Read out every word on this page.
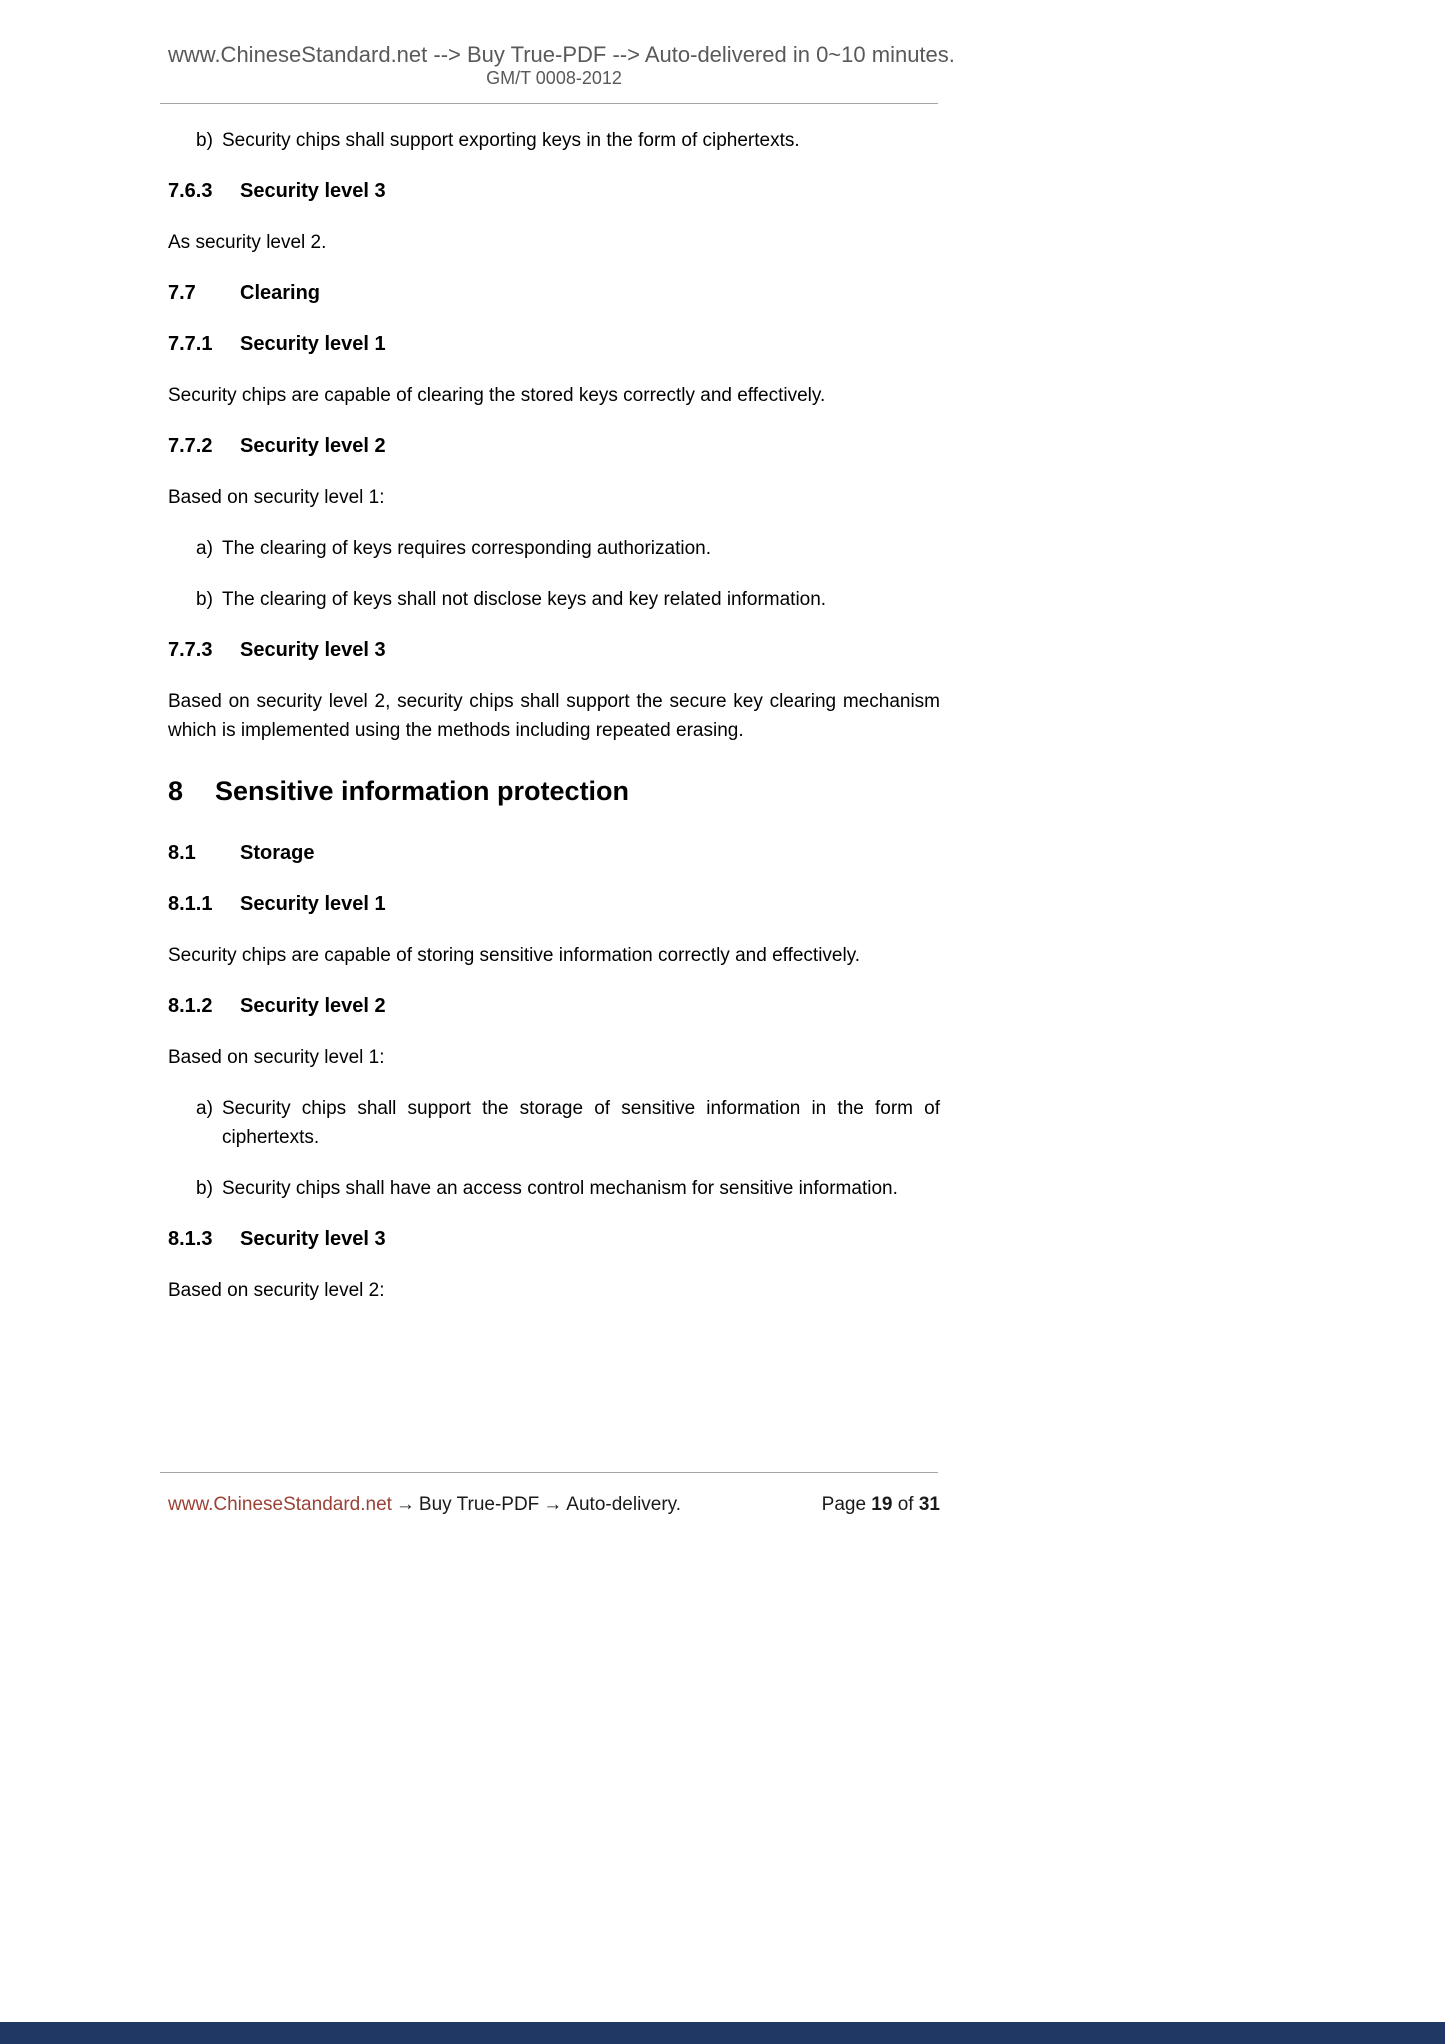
www.ChineseStandard.net --> Buy True-PDF --> Auto-delivered in 0~10 minutes.
GM/T 0008-2012
b) Security chips shall support exporting keys in the form of ciphertexts.
7.6.3	Security level 3

As security level 2.

7.7	Clearing
7.7.1	Security level 1

Security chips are capable of clearing the stored keys correctly and effectively.

7.7.2	Security level 2

Based on security level 1:

a) The clearing of keys requires corresponding authorization.
b) The clearing of keys shall not disclose keys and key related information.
7.7.3	Security level 3

Based on security level 2, security chips shall support the secure key clearing mechanism which is implemented using the methods including repeated erasing.

8	Sensitive information protection
8.1	Storage
8.1.1	Security level 1

Security chips are capable of storing sensitive information correctly and effectively.

8.1.2	Security level 2

Based on security level 1:

a) Security chips shall support the storage of sensitive information in the form of ciphertexts.
b) Security chips shall have an access control mechanism for sensitive information.
8.1.3	Security level 3

Based on security level 2:

www.ChineseStandard.net → Buy True-PDF → Auto-delivery.	Page 19 of 31
